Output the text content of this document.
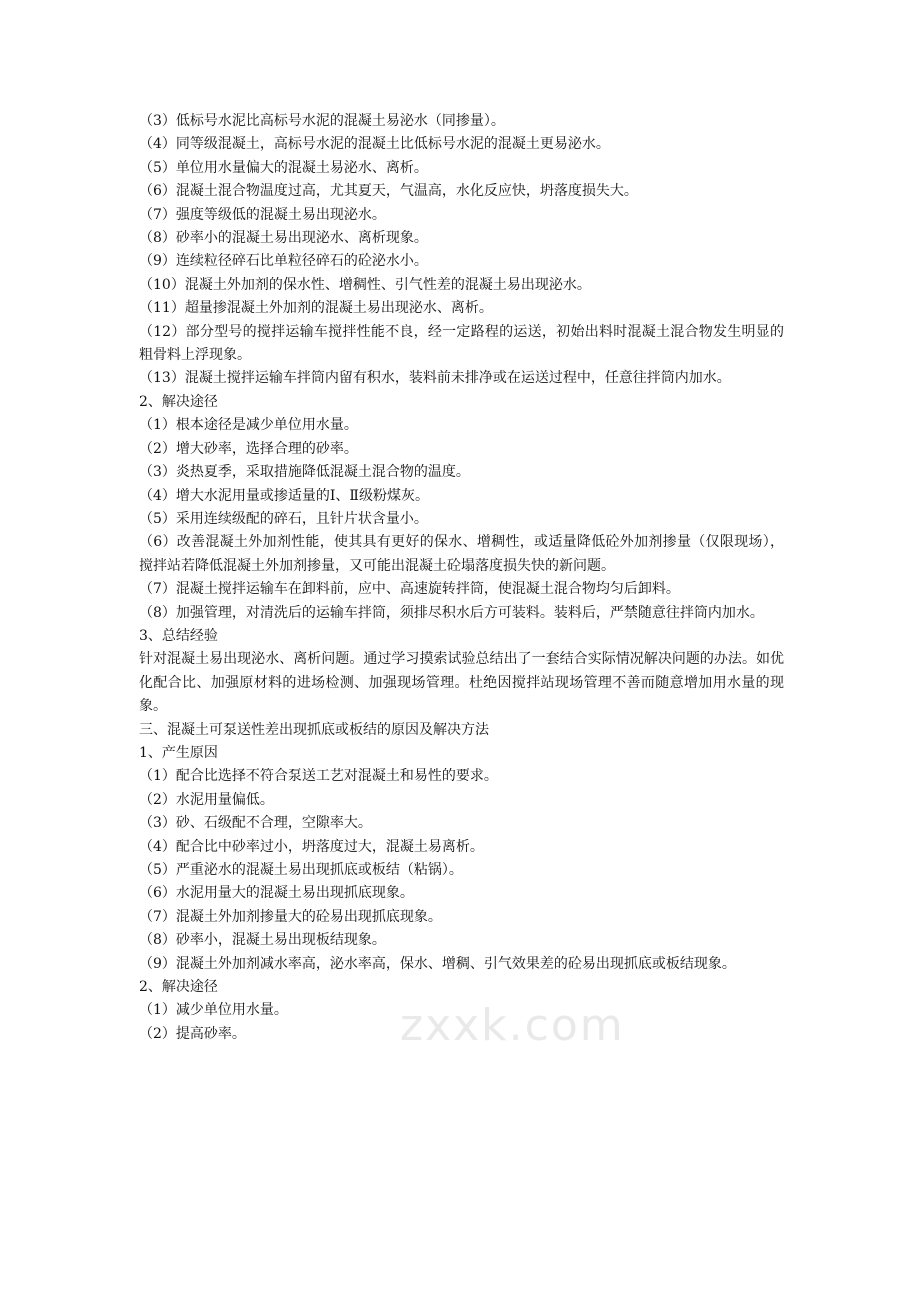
（3）低标号水泥比高标号水泥的混凝土易泌水（同掺量）。

（4）同等级混凝土，高标号水泥的混凝土比低标号水泥的混凝土更易泌水。

（5）单位用水量偏大的混凝土易泌水、离析。

（6）混凝土混合物温度过高，尤其夏天，气温高，水化反应快，坍落度损失大。

（7）强度等级低的混凝土易出现泌水。

（8）砂率小的混凝土易出现泌水、离析现象。

（9）连续粒径碎石比单粒径碎石的砼泌水小。

（10）混凝土外加剂的保水性、增稠性、引气性差的混凝土易出现泌水。

（11）超量掺混凝土外加剂的混凝土易出现泌水、离析。

（12）部分型号的搅拌运输车搅拌性能不良，经一定路程的运送，初始出料时混凝土混合物发生明显的粗骨料上浮现象。

（13）混凝土搅拌运输车拌筒内留有积水，装料前未排净或在运送过程中，任意往拌筒内加水。

2、解决途径

（1）根本途径是减少单位用水量。

（2）增大砂率，选择合理的砂率。

（3）炎热夏季，采取措施降低混凝土混合物的温度。

（4）增大水泥用量或掺适量的Ⅰ、Ⅱ级粉煤灰。

（5）采用连续级配的碎石，且针片状含量小。

（6）改善混凝土外加剂性能，使其具有更好的保水、增稠性，或适量降低砼外加剂掺量（仅限现场），搅拌站若降低混凝土外加剂掺量，又可能出混凝土砼塌落度损失快的新问题。

（7）混凝土搅拌运输车在卸料前，应中、高速旋转拌筒，使混凝土混合物均匀后卸料。

（8）加强管理，对清洗后的运输车拌筒，须排尽积水后方可装料。装料后，严禁随意往拌筒内加水。

3、总结经验

针对混凝土易出现泌水、离析问题。通过学习摸索试验总结出了一套结合实际情况解决问题的办法。如优化配合比、加强原材料的进场检测、加强现场管理。杜绝因搅拌站现场管理不善而随意增加用水量的现象。

三、混凝土可泵送性差出现抓底或板结的原因及解决方法

1、产生原因

（1）配合比选择不符合泵送工艺对混凝土和易性的要求。

（2）水泥用量偏低。

（3）砂、石级配不合理，空隙率大。

（4）配合比中砂率过小，坍落度过大，混凝土易离析。

（5）严重泌水的混凝土易出现抓底或板结（粘锅）。

（6）水泥用量大的混凝土易出现抓底现象。

（7）混凝土外加剂掺量大的砼易出现抓底现象。

（8）砂率小，混凝土易出现板结现象。

（9）混凝土外加剂减水率高，泌水率高，保水、增稠、引气效果差的砼易出现抓底或板结现象。

2、解决途径

（1）减少单位用水量。

（2）提高砂率。	zxxk.com
